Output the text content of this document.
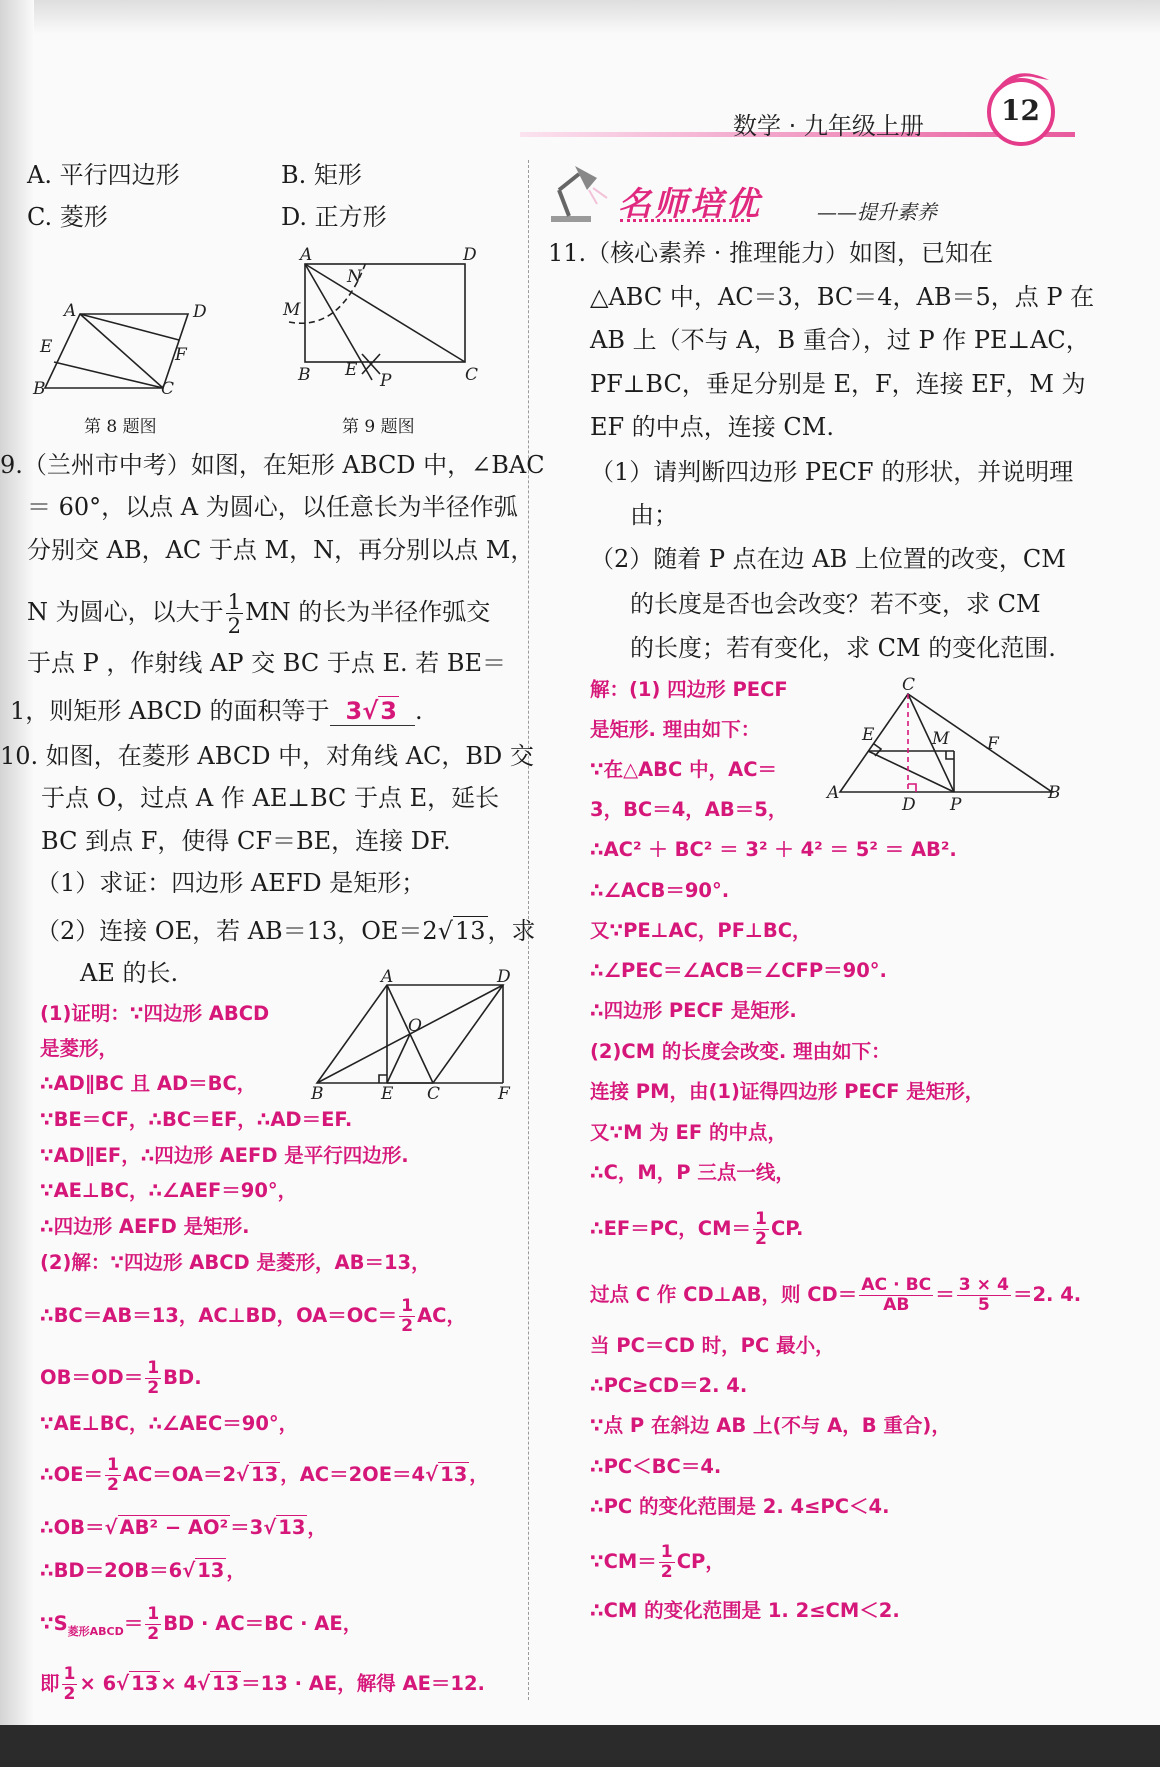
数学 · 九年级上册	12
A. 平行四边形	B. 矩形
C. 菱形	D. 正方形
A	D
E	F
B	C
第 8 题图
A	D
N
M
B E
P	C
第 9 题图
9.（兰州市中考）如图，在矩形 ABCD 中，∠BAC
＝ 60°，以点 A 为圆心，以任意长为半径作弧
分别交 AB，AC 于点 M，N，再分别以点 M，
N 为圆心，以大于 $\frac{1}{2}$ MN 的长为半径作弧交
于点 P ，作射线 AP 交 BC 于点 E. 若 BE＝
1，则矩形 ABCD 的面积等于 3√3 .
10. 如图，在菱形 ABCD 中，对角线 AC，BD 交
于点 O，过点 A 作 AE⊥BC 于点 E，延长
BC 到点 F，使得 CF＝BE，连接 DF.
（1）求证：四边形 AEFD 是矩形；
（2）连接 OE，若 AB＝13，OE＝2√13，求
AE 的长.	A	D
O
B	E C	F
(1)证明：∵四边形 ABCD
是菱形，
∴AD∥BC 且 AD＝BC，
∵BE＝CF，∴BC＝EF，∴AD＝EF.
∵AD∥EF，∴四边形 AEFD 是平行四边形.
∵AE⊥BC，∴∠AEF＝90°，
∴四边形 AEFD 是矩形.
(2)解：∵四边形 ABCD 是菱形，AB＝13，
∴BC＝AB＝13，AC⊥BD，$OA=OC= \frac{1}{2}$ AC，
$OB=OD= \frac{1}{2}$ BD.
∵AE⊥BC，∴∠AEC＝90°，
∴OE＝ $\frac{1}{2} AC=OA=2√$ 13 ，AC＝2OE＝4√ 13 ，
∴OB＝√ AB² − AO² ＝3√ 13 ，
∴BD＝2OB＝6√ 13 ，
$\because S_{菱形ABCD}= \frac{1}{2}$ BD · AC＝BC · AE，
即 $\frac{1}{2} \times 6√$ 13 × 4√ 13 ＝13 · AE，解得 AE＝12.
名师培优	——提升素养
11.（核心素养 · 推理能力）如图，已知在
△ABC 中，AC＝3，BC＝4，AB＝5，点 P 在
AB 上（不与 A，B 重合），过 P 作 PE⊥AC，
PF⊥BC，垂足分别是 E，F，连接 EF，M 为
EF 的中点，连接 CM.
（1）请判断四边形 PECF 的形状，并说明理
由；
（2）随着 P 点在边 AB 上位置的改变，CM
的长度是否也会改变？若不变，求 CM
的长度；若有变化，求 CM 的变化范围.
C
E	M F
A
D P
B
解：(1) 四边形 PECF
是矩形. 理由如下：
∵在△ABC 中，AC＝
3，BC＝4，AB＝5，
∴AC² ＋ BC² ＝ 3² ＋ 4² ＝ 5² ＝ AB².
∴∠ACB＝90°.
又∵PE⊥AC，PF⊥BC，
∴∠PEC＝∠ACB＝∠CFP＝90°.
∴四边形 PECF 是矩形.
(2)CM 的长度会改变. 理由如下：
连接 PM，由(1)证得四边形 PECF 是矩形，
又∵M 为 EF 的中点，
∴C，M，P 三点一线，
∴EF＝PC，$CM= \frac{1}{2}$ CP.
过点 C 作 CD⊥AB，则 $CD= \frac{AC \cdot BC}{AB} = \frac{3 \times 4}{5} =2$. 4.
当 PC＝CD 时，PC 最小，
∴PC≥CD＝2. 4.
∵点 P 在斜边 AB 上(不与 A，B 重合)，
∴PC＜BC＝4.
∴PC 的变化范围是 2. 4≤PC＜4.
∵CM＝ $\frac{1}{2}$ CP，
∴CM 的变化范围是 1. 2≤CM＜2.
